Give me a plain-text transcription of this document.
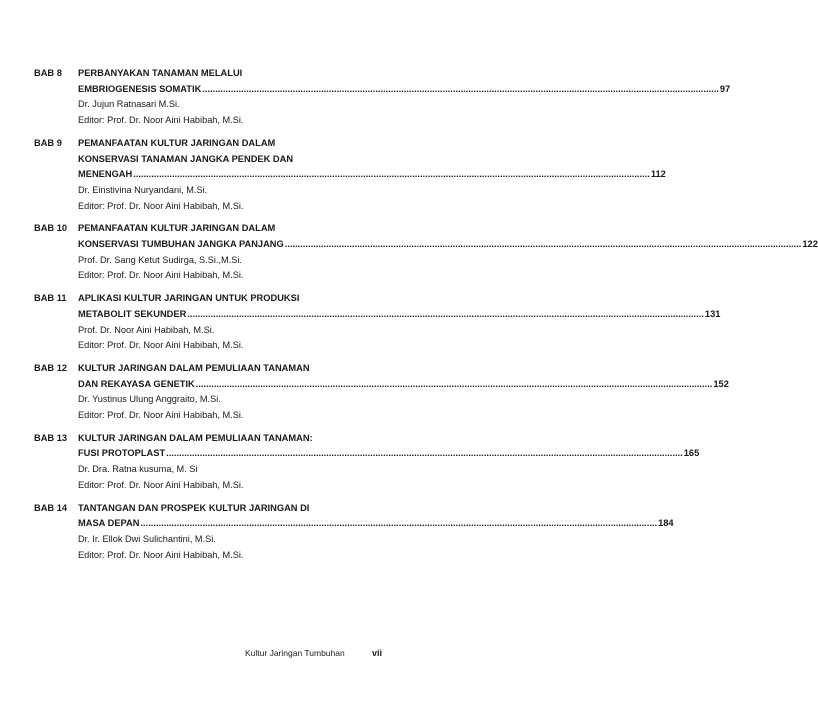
BAB 8	PERBANYAKAN TANAMAN MELALUI
EMBRIOGENESIS SOMATIK ........................................................................................................................................................................................................ 97
Dr. Jujun Ratnasari M.Si.
Editor: Prof. Dr. Noor Aini Habibah, M.Si.
BAB 9	PEMANFAATAN KULTUR JARINGAN DALAM
KONSERVASI TANAMAN JANGKA PENDEK DAN
MENENGAH ........................................................................................................................................................................................................ 112
Dr. Einstivina Nuryandani, M.Si.
Editor: Prof. Dr. Noor Aini Habibah, M.Si.
BAB 10	PEMANFAATAN KULTUR JARINGAN DALAM
KONSERVASI TUMBUHAN JANGKA PANJANG ........................................................................................................................................................................................................ 122
Prof. Dr. Sang Ketut Sudirga, S.Si.,M.Si.
Editor: Prof. Dr. Noor Aini Habibah, M.Si.
BAB 11	APLIKASI KULTUR JARINGAN UNTUK PRODUKSI
METABOLIT SEKUNDER ........................................................................................................................................................................................................ 131
Prof. Dr. Noor Aini Habibah, M.Si.
Editor: Prof. Dr. Noor Aini Habibah, M.Si.
BAB 12	KULTUR JARINGAN DALAM PEMULIAAN TANAMAN
DAN REKAYASA GENETIK ........................................................................................................................................................................................................ 152
Dr. Yustinus Ulung Anggraito, M.Si.
Editor: Prof. Dr. Noor Aini Habibah, M.Si.
BAB 13	KULTUR JARINGAN DALAM PEMULIAAN TANAMAN:
FUSI PROTOPLAST ........................................................................................................................................................................................................ 165
Dr. Dra. Ratna kusuma, M. Si
Editor: Prof. Dr. Noor Aini Habibah, M.Si.
BAB 14	TANTANGAN DAN PROSPEK KULTUR JARINGAN DI
MASA DEPAN ........................................................................................................................................................................................................ 184
Dr. Ir. Ellok Dwi Sulichantini, M.Si.
Editor: Prof. Dr. Noor Aini Habibah, M.Si.
Kultur Jaringan Tumbuhan	vii
